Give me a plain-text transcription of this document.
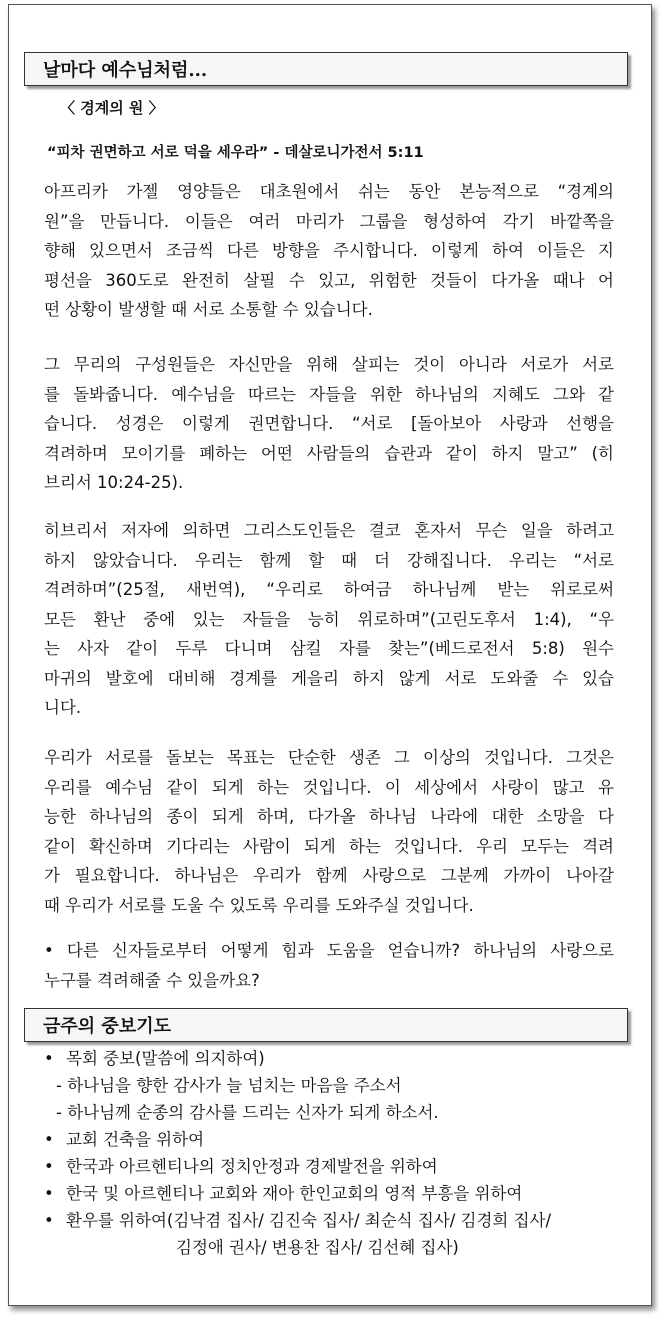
날마다 예수님처럼...
〈 경계의 원 〉
“피차 권면하고 서로 덕을 세우라” - 데살로니가전서 5:11
아프리카 가젤 영양들은 대초원에서 쉬는 동안 본능적으로 “경계의
원”을 만듭니다. 이들은 여러 마리가 그룹을 형성하여 각기 바깥쪽을
향해 있으면서 조금씩 다른 방향을 주시합니다. 이렇게 하여 이들은 지
평선을 360도로 완전히 살필 수 있고, 위험한 것들이 다가올 때나 어
떤 상황이 발생할 때 서로 소통할 수 있습니다.
그 무리의 구성원들은 자신만을 위해 살피는 것이 아니라 서로가 서로
를 돌봐줍니다. 예수님을 따르는 자들을 위한 하나님의 지혜도 그와 같
습니다. 성경은 이렇게 권면합니다. “서로 [돌아보아 사랑과 선행을
격려하며 모이기를 폐하는 어떤 사람들의 습관과 같이 하지 말고” (히
브리서 10:24-25).
히브리서 저자에 의하면 그리스도인들은 결코 혼자서 무슨 일을 하려고
하지 않았습니다. 우리는 함께 할 때 더 강해집니다. 우리는 “서로
격려하며”(25절, 새번역), “우리로 하여금 하나님께 받는 위로로써
모든 환난 중에 있는 자들을 능히 위로하며”(고린도후서 1:4), “우
는 사자 같이 두루 다니며 삼킬 자를 찾는”(베드로전서 5:8) 원수
마귀의 발호에 대비해 경계를 게을리 하지 않게 서로 도와줄 수 있습
니다.
우리가 서로를 돌보는 목표는 단순한 생존 그 이상의 것입니다. 그것은
우리를 예수님 같이 되게 하는 것입니다. 이 세상에서 사랑이 많고 유
능한 하나님의 종이 되게 하며, 다가올 하나님 나라에 대한 소망을 다
같이 확신하며 기다리는 사람이 되게 하는 것입니다. 우리 모두는 격려
가 필요합니다. 하나님은 우리가 함께 사랑으로 그분께 가까이 나아갈
때 우리가 서로를 도울 수 있도록 우리를 도와주실 것입니다.
• 다른 신자들로부터 어떻게 힘과 도움을 얻습니까? 하나님의 사랑으로
누구를 격려해줄 수 있을까요?
금주의 중보기도
• 목회 중보(말씀에 의지하여)
- 하나님을 향한 감사가 늘 넘치는 마음을 주소서
- 하나님께 순종의 감사를 드리는 신자가 되게 하소서.
• 교회 건축을 위하여
• 한국과 아르헨티나의 정치안정과 경제발전을 위하여
• 한국 및 아르헨티나 교회와 재아 한인교회의 영적 부흥을 위하여
• 환우를 위하여(김낙겸 집사/ 김진숙 집사/ 최순식 집사/ 김경희 집사/
김정애 권사/ 변용찬 집사/ 김선혜 집사)
